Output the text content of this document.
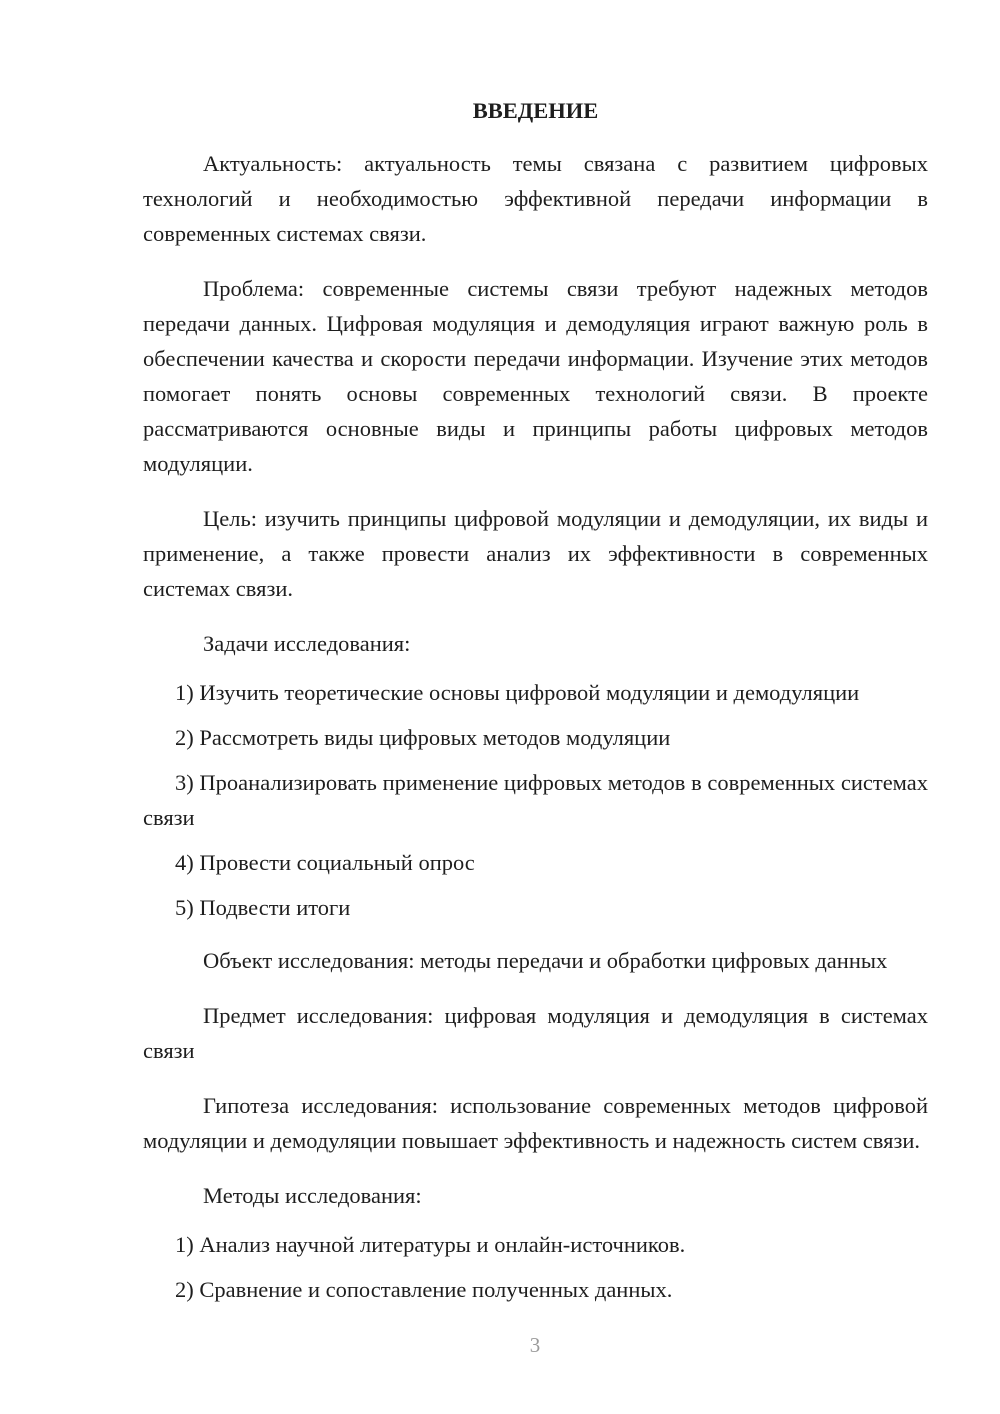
ВВЕДЕНИЕ

Актуальность: актуальность темы связана с развитием цифровых технологий и необходимостью эффективной передачи информации в современных системах связи.

Проблема: современные системы связи требуют надежных методов передачи данных. Цифровая модуляция и демодуляция играют важную роль в обеспечении качества и скорости передачи информации. Изучение этих методов помогает понять основы современных технологий связи. В проекте рассматриваются основные виды и принципы работы цифровых методов модуляции.

Цель: изучить принципы цифровой модуляции и демодуляции, их виды и применение, а также провести анализ их эффективности в современных системах связи.

Задачи исследования:

1) Изучить теоретические основы цифровой модуляции и демодуляции

2) Рассмотреть виды цифровых методов модуляции

3) Проанализировать применение цифровых методов в современных системах связи

4) Провести социальный опрос

5) Подвести итоги

Объект исследования: методы передачи и обработки цифровых данных

Предмет исследования: цифровая модуляция и демодуляция в системах связи

Гипотеза исследования: использование современных методов цифровой модуляции и демодуляции повышает эффективность и надежность систем связи.

Методы исследования:

1) Анализ научной литературы и онлайн-источников.

2) Сравнение и сопоставление полученных данных.

3
